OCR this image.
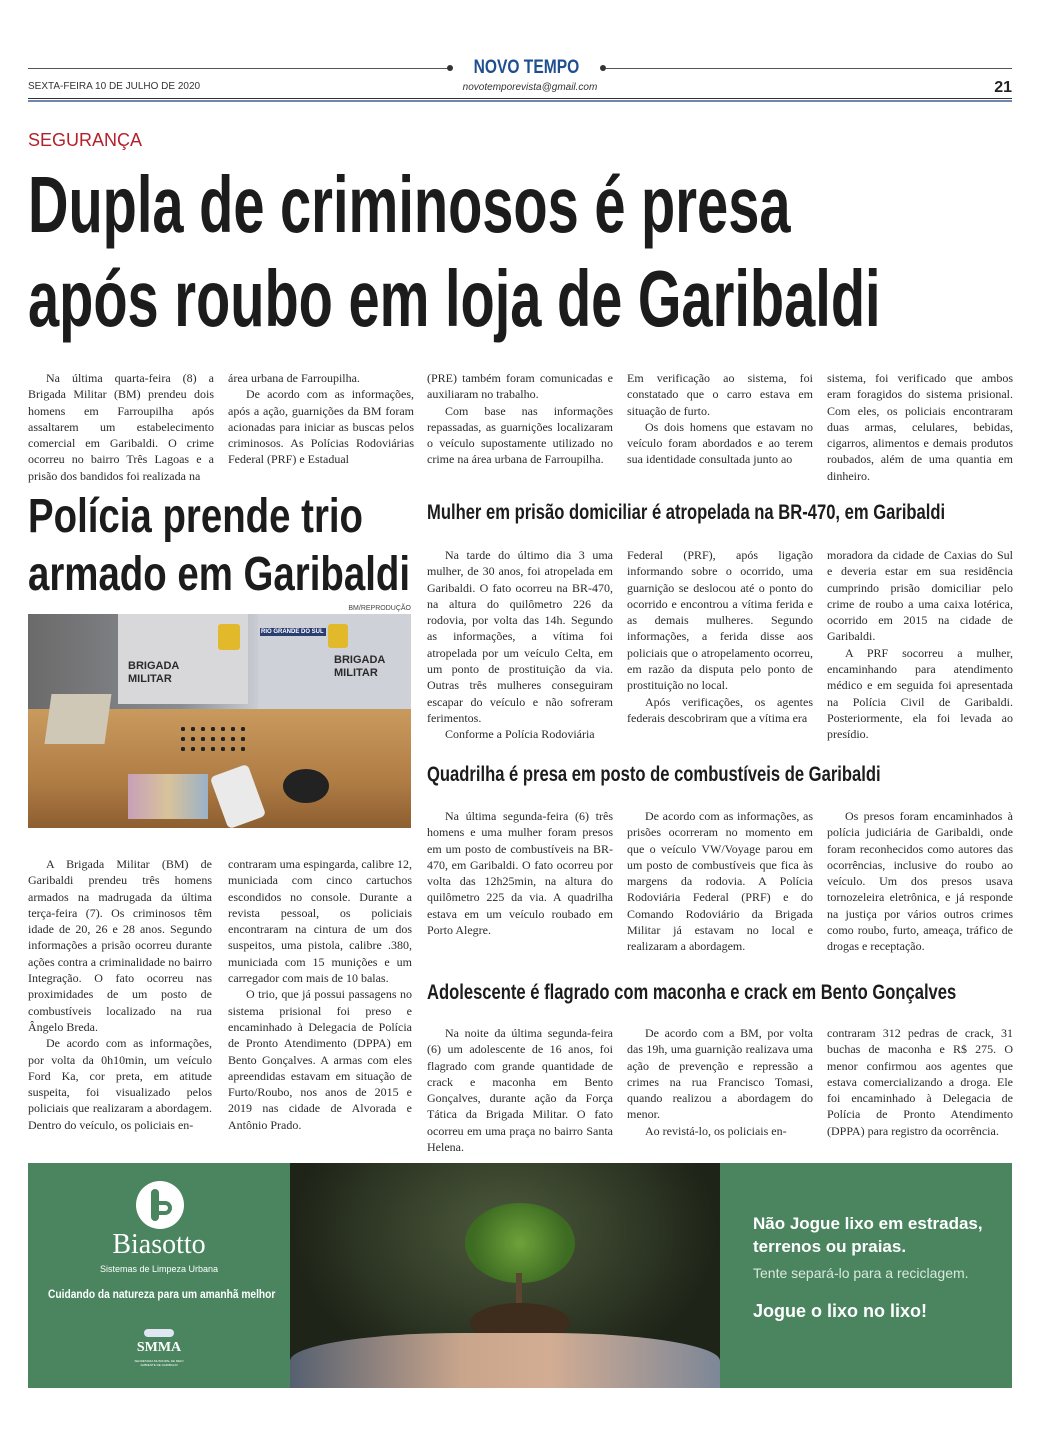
NOVO TEMPO
SEXTA-FEIRA 10 DE JULHO DE 2020	novotemporevista@gmail.com	21
SEGURANÇA
Dupla de criminosos é presa
após roubo em loja de Garibaldi

Na última quarta-feira (8) a Brigada Militar (BM) prendeu dois homens em Farroupilha após assaltarem um estabelecimento comercial em Garibaldi. O crime ocorreu no bairro Três Lagoas e a prisão dos bandidos foi realizada na

área urbana de Farroupilha.

De acordo com as informações, após a ação, guarnições da BM foram acionadas para iniciar as buscas pelos criminosos. As Polícias Rodoviárias Federal (PRF) e Estadual

(PRE) também foram comunicadas e auxiliaram no trabalho.

Com base nas informações repassadas, as guarnições localizaram o veículo supostamente utilizado no crime na área urbana de Farroupilha.

Em verificação ao sistema, foi constatado que o carro estava em situação de furto.

Os dois homens que estavam no veículo foram abordados e ao terem sua identidade consultada junto ao

sistema, foi verificado que ambos eram foragidos do sistema prisional. Com eles, os policiais encontraram duas armas, celulares, bebidas, cigarros, alimentos e demais produtos roubados, além de uma quantia em dinheiro.

Polícia prende trio
armado em Garibaldi
BM/REPRODUÇÃO
BRIGADA MILITAR
BRIGADA MILITAR
RIO GRANDE DO SUL

A Brigada Militar (BM) de Garibaldi prendeu três homens armados na madrugada da última terça-feira (7). Os criminosos têm idade de 20, 26 e 28 anos. Segundo informações a prisão ocorreu durante ações contra a criminalidade no bairro Integração. O fato ocorreu nas proximidades de um posto de combustíveis localizado na rua Ângelo Breda.

De acordo com as informações, por volta da 0h10min, um veículo Ford Ka, cor preta, em atitude suspeita, foi visualizado pelos policiais que realizaram a abordagem. Dentro do veículo, os policiais en-

contraram uma espingarda, calibre 12, municiada com cinco cartuchos escondidos no console. Durante a revista pessoal, os policiais encontraram na cintura de um dos suspeitos, uma pistola, calibre .380, municiada com 15 munições e um carregador com mais de 10 balas.

O trio, que já possui passagens no sistema prisional foi preso e encaminhado à Delegacia de Polícia de Pronto Atendimento (DPPA) em Bento Gonçalves. A armas com eles apreendidas estavam em situação de Furto/Roubo, nos anos de 2015 e 2019 nas cidade de Alvorada e Antônio Prado.

Mulher em prisão domiciliar é atropelada na BR-470, em Garibaldi

Na tarde do último dia 3 uma mulher, de 30 anos, foi atropelada em Garibaldi. O fato ocorreu na BR-470, na altura do quilômetro 226 da rodovia, por volta das 14h. Segundo as informações, a vítima foi atropelada por um veículo Celta, em um ponto de prostituição da via. Outras três mulheres conseguiram escapar do veículo e não sofreram ferimentos.

Conforme a Polícia Rodoviária

Federal (PRF), após ligação informando sobre o ocorrido, uma guarnição se deslocou até o ponto do ocorrido e encontrou a vítima ferida e as demais mulheres. Segundo informações, a ferida disse aos policiais que o atropelamento ocorreu, em razão da disputa pelo ponto de prostituição no local.

Após verificações, os agentes federais descobriram que a vítima era

moradora da cidade de Caxias do Sul e deveria estar em sua residência cumprindo prisão domiciliar pelo crime de roubo a uma caixa lotérica, ocorrido em 2015 na cidade de Garibaldi.

A PRF socorreu a mulher, encaminhando para atendimento médico e em seguida foi apresentada na Polícia Civil de Garibaldi. Posteriormente, ela foi levada ao presídio.

Quadrilha é presa em posto de combustíveis de Garibaldi

Na última segunda-feira (6) três homens e uma mulher foram presos em um posto de combustíveis na BR-470, em Garibaldi. O fato ocorreu por volta das 12h25min, na altura do quilômetro 225 da via. A quadrilha estava em um veículo roubado em Porto Alegre.

De acordo com as informações, as prisões ocorreram no momento em que o veículo VW/Voyage parou em um posto de combustíveis que fica às margens da rodovia. A Polícia Rodoviária Federal (PRF) e do Comando Rodoviário da Brigada Militar já estavam no local e realizaram a abordagem.

Os presos foram encaminhados à polícia judiciária de Garibaldi, onde foram reconhecidos como autores das ocorrências, inclusive do roubo ao veículo. Um dos presos usava tornozeleira eletrônica, e já responde na justiça por vários outros crimes como roubo, furto, ameaça, tráfico de drogas e receptação.

Adolescente é flagrado com maconha e crack em Bento Gonçalves

Na noite da última segunda-feira (6) um adolescente de 16 anos, foi flagrado com grande quantidade de crack e maconha em Bento Gonçalves, durante ação da Força Tática da Brigada Militar. O fato ocorreu em uma praça no bairro Santa Helena.

De acordo com a BM, por volta das 19h, uma guarnição realizava uma ação de prevenção e repressão a crimes na rua Francisco Tomasi, quando realizou a abordagem do menor.

Ao revistá-lo, os policiais en-

contraram 312 pedras de crack, 31 buchas de maconha e R$ 275. O menor confirmou aos agentes que estava comercializando a droga. Ele foi encaminhado à Delegacia de Polícia de Pronto Atendimento (DPPA) para registro da ocorrência.

Biasotto
Sistemas de Limpeza Urbana
Cuidando da natureza para um amanhã melhor
SMMA
SECRETARIA MUNICIPAL DE MEIO AMBIENTE DE GARIBALDI
Não Jogue lixo em estradas,
terrenos ou praias.
Tente separá-lo para a reciclagem.
Jogue o lixo no lixo!
